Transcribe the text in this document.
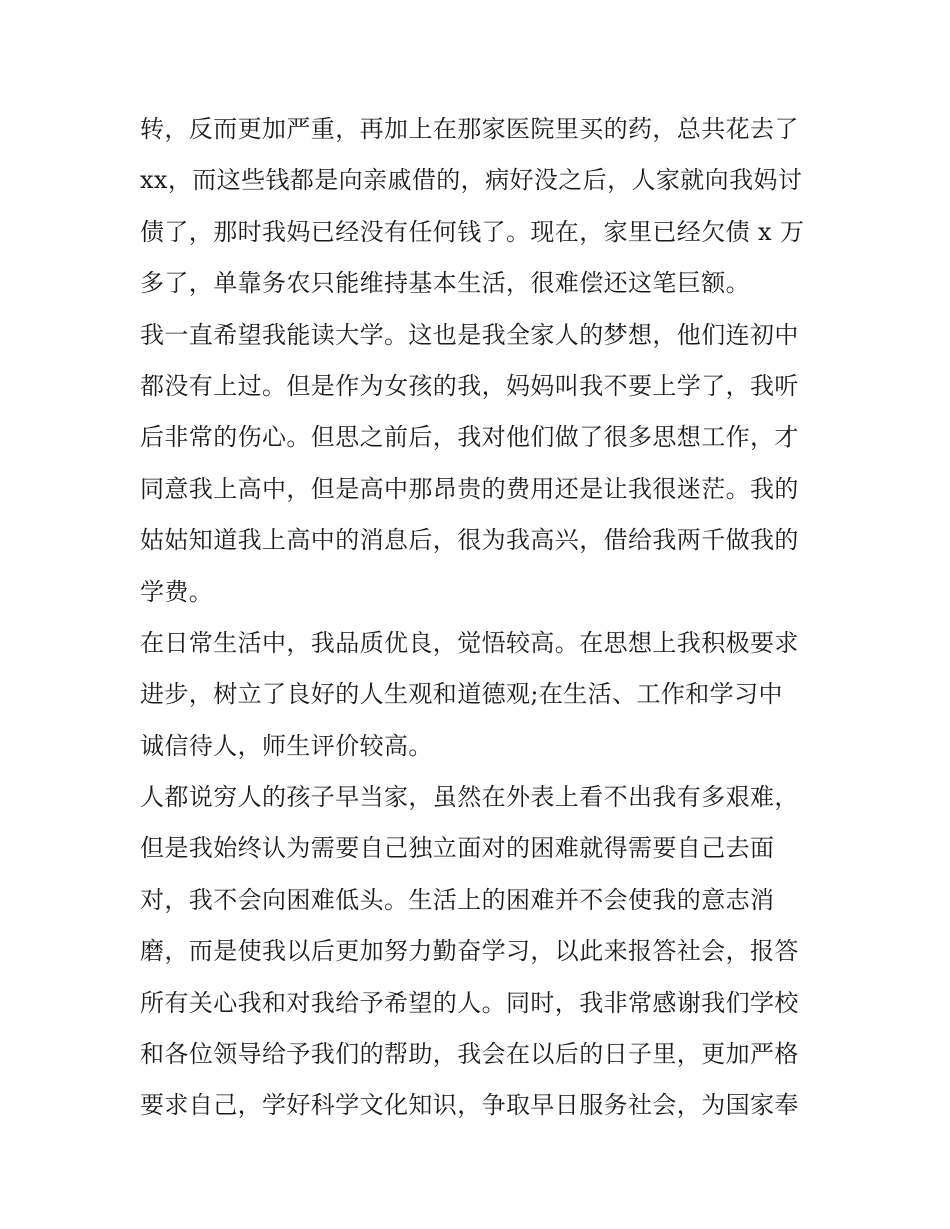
转，反而更加严重，再加上在那家医院里买的药，总共花去了
xx，而这些钱都是向亲戚借的，病好没之后，人家就向我妈讨
债了，那时我妈已经没有任何钱了。现在，家里已经欠债 x 万
多了，单靠务农只能维持基本生活，很难偿还这笔巨额。
我一直希望我能读大学。这也是我全家人的梦想，他们连初中
都没有上过。但是作为女孩的我，妈妈叫我不要上学了，我听
后非常的伤心。但思之前后，我对他们做了很多思想工作，才
同意我上高中，但是高中那昂贵的费用还是让我很迷茫。我的
姑姑知道我上高中的消息后，很为我高兴，借给我两千做我的
学费。
在日常生活中，我品质优良，觉悟较高。在思想上我积极要求
进步，树立了良好的人生观和道德观;在生活、工作和学习中
诚信待人，师生评价较高。
人都说穷人的孩子早当家，虽然在外表上看不出我有多艰难，
但是我始终认为需要自己独立面对的困难就得需要自己去面
对，我不会向困难低头。生活上的困难并不会使我的意志消
磨，而是使我以后更加努力勤奋学习，以此来报答社会，报答
所有关心我和对我给予希望的人。同时，我非常感谢我们学校
和各位领导给予我们的帮助，我会在以后的日子里，更加严格
要求自己，学好科学文化知识，争取早日服务社会，为国家奉
